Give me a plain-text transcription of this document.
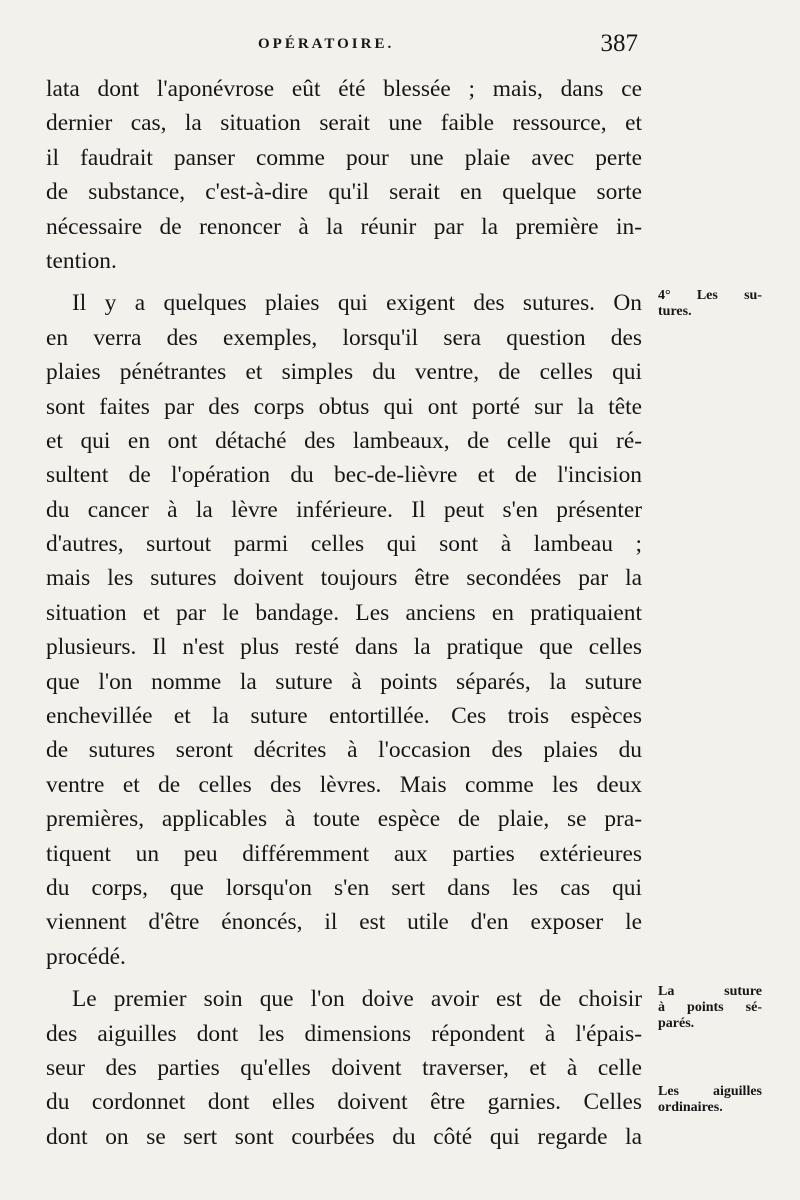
OPÉRATOIRE.	387
lata dont l'aponévrose eût été blessée ; mais, dans ce
dernier cas, la situation serait une faible ressource, et
il faudrait panser comme pour une plaie avec perte
de substance, c'est-à-dire qu'il serait en quelque sorte
nécessaire de renoncer à la réunir par la première in-
tention.
Il y a quelques plaies qui exigent des sutures. On
en verra des exemples, lorsqu'il sera question des
plaies pénétrantes et simples du ventre, de celles qui
sont faites par des corps obtus qui ont porté sur la tête
et qui en ont détaché des lambeaux, de celle qui ré-
sultent de l'opération du bec-de-lièvre et de l'incision
du cancer à la lèvre inférieure. Il peut s'en présenter
d'autres, surtout parmi celles qui sont à lambeau ;
mais les sutures doivent toujours être secondées par la
situation et par le bandage. Les anciens en pratiquaient
plusieurs. Il n'est plus resté dans la pratique que celles
que l'on nomme la suture à points séparés, la suture
enchevillée et la suture entortillée. Ces trois espèces
de sutures seront décrites à l'occasion des plaies du
ventre et de celles des lèvres. Mais comme les deux
premières, applicables à toute espèce de plaie, se pra-
tiquent un peu différemment aux parties extérieures
du corps, que lorsqu'on s'en sert dans les cas qui
viennent d'être énoncés, il est utile d'en exposer le
procédé.
Le premier soin que l'on doive avoir est de choisir
des aiguilles dont les dimensions répondent à l'épais-
seur des parties qu'elles doivent traverser, et à celle
du cordonnet dont elles doivent être garnies. Celles
dont on se sert sont courbées du côté qui regarde la
4° Les su-
tures.
La suture
à points sé-
parés.
Les aiguilles
ordinaires.
